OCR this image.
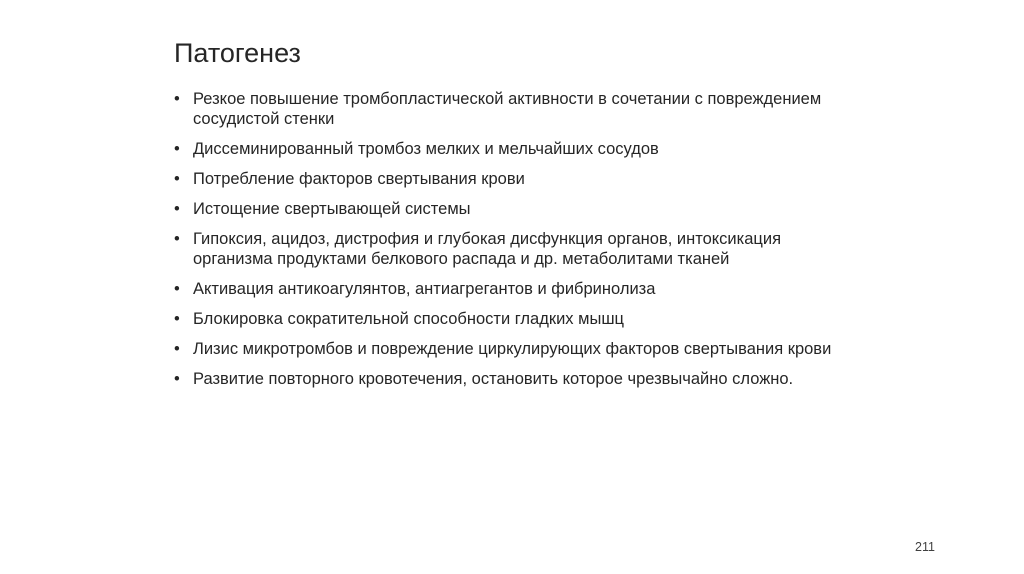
Патогенез
• Резкое повышение тромбопластической активности в сочетании с повреждением сосудистой стенки
• Диссеминированный тромбоз мелких и мельчайших сосудов
• Потребление факторов свертывания крови
• Истощение свертывающей системы
• Гипоксия, ацидоз, дистрофия и глубокая дисфункция органов, интоксикация организма продуктами белкового распада и др. метаболитами тканей
• Активация антикоагулянтов, антиагрегантов и фибринолиза
• Блокировка сократительной способности гладких мышц
• Лизис микротромбов и повреждение циркулирующих факторов свертывания крови
• Развитие повторного кровотечения, остановить которое чрезвычайно сложно.
211
